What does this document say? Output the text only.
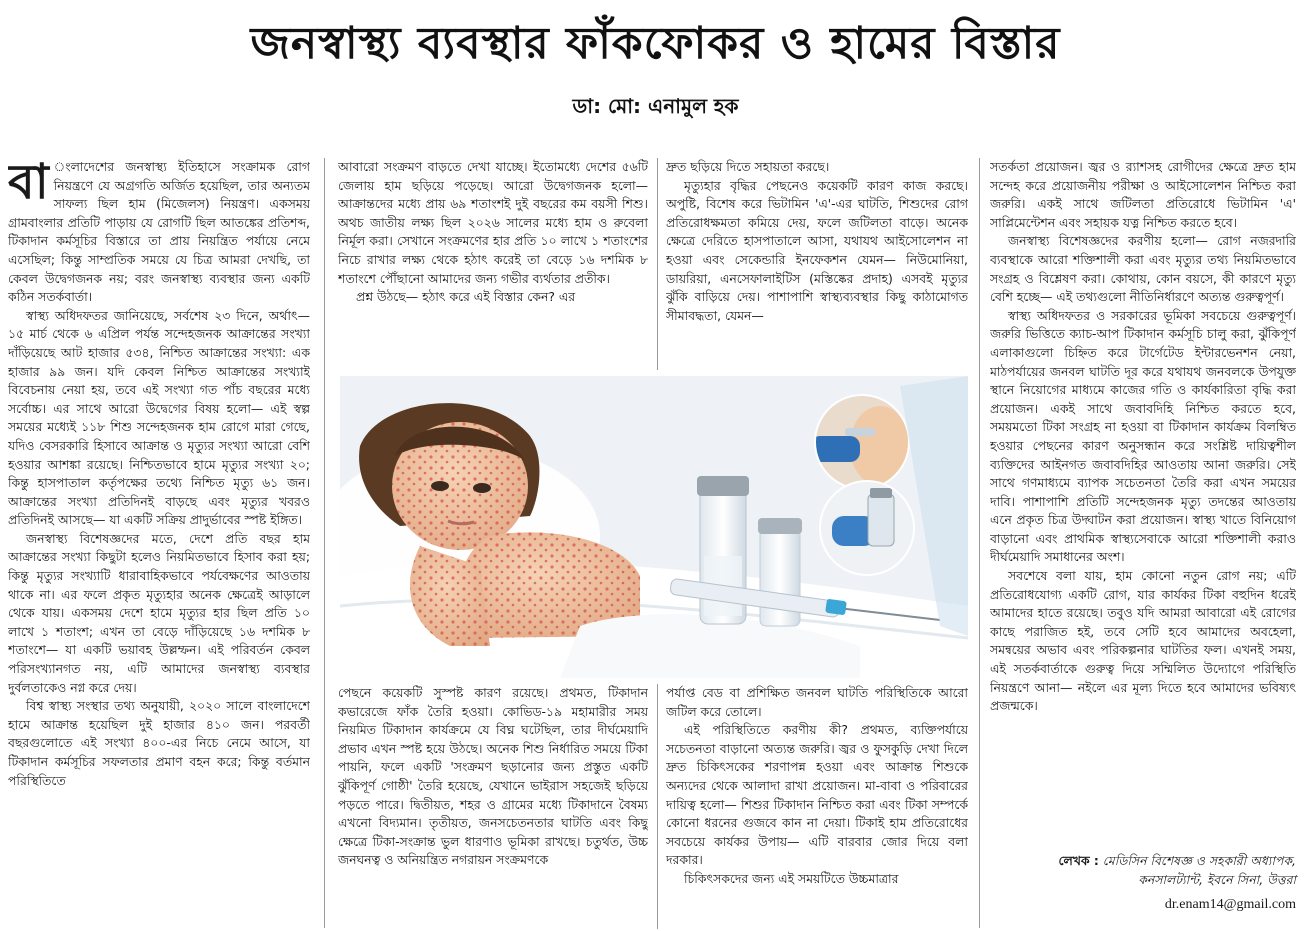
জনস্বাস্থ্য ব্যবস্থার ফাঁকফোকর ও হামের বিস্তার
ডা: মো: এনামুল হক

বা ংলাদেশের জনস্বাস্থ্য ইতিহাসে সংক্রামক রোগ নিয়ন্ত্রণে যে অগ্রগতি অর্জিত হয়েছিল, তার অন্যতম সাফল্য ছিল হাম (মিজেলস) নিয়ন্ত্রণ। একসময় গ্রামবাংলার প্রতিটি পাড়ায় যে রোগটি ছিল আতঙ্কের প্রতিশব্দ, টিকাদান কর্মসূচির বিস্তারে তা প্রায় নিয়ন্ত্রিত পর্যায়ে নেমে এসেছিল; কিন্তু সাম্প্রতিক সময়ে যে চিত্র আমরা দেখছি, তা কেবল উদ্বেগজনক নয়; বরং জনস্বাস্থ্য ব্যবস্থার জন্য একটি কঠিন সতর্কবার্তা।

স্বাস্থ্য অধিদফতর জানিয়েছে, সর্বশেষ ২৩ দিনে, অর্থাৎ— ১৫ মার্চ থেকে ৬ এপ্রিল পর্যন্ত সন্দেহজনক আক্রান্তের সংখ্যা দাঁড়িয়েছে আট হাজার ৫৩৪, নিশ্চিত আক্রান্তের সংখ্যা: এক হাজার ৯৯ জন। যদি কেবল নিশ্চিত আক্রান্তের সংখ্যাই বিবেচনায় নেয়া হয়, তবে এই সংখ্যা গত পাঁচ বছরের মধ্যে সর্বোচ্চ। এর সাথে আরো উদ্বেগের বিষয় হলো— এই স্বল্প সময়ের মধ্যেই ১১৮ শিশু সন্দেহজনক হাম রোগে মারা গেছে, যদিও বেসরকারি হিসাবে আক্রান্ত ও মৃত্যুর সংখ্যা আরো বেশি হওয়ার আশঙ্কা রয়েছে। নিশ্চিতভাবে হামে মৃত্যুর সংখ্যা ২০; কিন্তু হাসপাতাল কর্তৃপক্ষের তথ্যে নিশ্চিত মৃত্যু ৬১ জন। আক্রান্তের সংখ্যা প্রতিদিনই বাড়ছে এবং মৃত্যুর খবরও প্রতিদিনই আসছে— যা একটি সক্রিয় প্রাদুর্ভাবের স্পষ্ট ইঙ্গিত।

জনস্বাস্থ্য বিশেষজ্ঞদের মতে, দেশে প্রতি বছর হাম আক্রান্তের সংখ্যা কিছুটা হলেও নিয়মিতভাবে হিসাব করা হয়; কিন্তু মৃত্যুর সংখ্যাটি ধারাবাহিকভাবে পর্যবেক্ষণের আওতায় থাকে না। এর ফলে প্রকৃত মৃত্যুহার অনেক ক্ষেত্রেই আড়ালে থেকে যায়। একসময় দেশে হামে মৃত্যুর হার ছিল প্রতি ১০ লাখে ১ শতাংশ; এখন তা বেড়ে দাঁড়িয়েছে ১৬ দশমিক ৮ শতাংশে— যা একটি ভয়াবহ উল্লম্ফন। এই পরিবর্তন কেবল পরিসংখ্যানগত নয়, এটি আমাদের জনস্বাস্থ্য ব্যবস্থার দুর্বলতাকেও নগ্ন করে দেয়।

বিশ্ব স্বাস্থ্য সংস্থার তথ্য অনুযায়ী, ২০২০ সালে বাংলাদেশে হামে আক্রান্ত হয়েছিল দুই হাজার ৪১০ জন। পরবর্তী বছরগুলোতে এই সংখ্যা ৪০০-এর নিচে নেমে আসে, যা টিকাদান কর্মসূচির সফলতার প্রমাণ বহন করে; কিন্তু বর্তমান পরিস্থিতিতে

আবারো সংক্রমণ বাড়তে দেখা যাচ্ছে। ইতোমধ্যে দেশের ৫৬টি জেলায় হাম ছড়িয়ে পড়েছে। আরো উদ্বেগজনক হলো— আক্রান্তদের মধ্যে প্রায় ৬৯ শতাংশই দুই বছরের কম বয়সী শিশু। অথচ জাতীয় লক্ষ্য ছিল ২০২৬ সালের মধ্যে হাম ও রুবেলা নির্মূল করা। সেখানে সংক্রমণের হার প্রতি ১০ লাখে ১ শতাংশের নিচে রাখার লক্ষ্য থেকে হঠাৎ করেই তা বেড়ে ১৬ দশমিক ৮ শতাংশে পৌঁছানো আমাদের জন্য গভীর ব্যর্থতার প্রতীক।

প্রশ্ন উঠছে— হঠাৎ করে এই বিস্তার কেন? এর

দ্রুত ছড়িয়ে দিতে সহায়তা করছে।

মৃত্যুহার বৃদ্ধির পেছনেও কয়েকটি কারণ কাজ করছে। অপুষ্টি, বিশেষ করে ভিটামিন 'এ'-এর ঘাটতি, শিশুদের রোগ প্রতিরোধক্ষমতা কমিয়ে দেয়, ফলে জটিলতা বাড়ে। অনেক ক্ষেত্রে দেরিতে হাসপাতালে আসা, যথাযথ আইসোলেশন না হওয়া এবং সেকেন্ডারি ইনফেকশন যেমন— নিউমোনিয়া, ডায়রিয়া, এনসেফালাইটিস (মস্তিষ্কের প্রদাহ) এসবই মৃত্যুর ঝুঁকি বাড়িয়ে দেয়। পাশাপাশি স্বাস্থ্যব্যবস্থার কিছু কাঠামোগত সীমাবদ্ধতা, যেমন—

পেছনে কয়েকটি সুস্পষ্ট কারণ রয়েছে। প্রথমত, টিকাদান কভারেজে ফাঁক তৈরি হওয়া। কোভিড-১৯ মহামারীর সময় নিয়মিত টিকাদান কার্যক্রমে যে বিঘ্ন ঘটেছিল, তার দীর্ঘমেয়াদি প্রভাব এখন স্পষ্ট হয়ে উঠছে। অনেক শিশু নির্ধারিত সময়ে টিকা পায়নি, ফলে একটি 'সংক্রমণ ছড়ানোর জন্য প্রস্তুত একটি ঝুঁকিপূর্ণ গোষ্ঠী' তৈরি হয়েছে, যেখানে ভাইরাস সহজেই ছড়িয়ে পড়তে পারে। দ্বিতীয়ত, শহর ও গ্রামের মধ্যে টিকাদানে বৈষম্য এখনো বিদ্যমান। তৃতীয়ত, জনসচেতনতার ঘাটতি এবং কিছু ক্ষেত্রে টিকা-সংক্রান্ত ভুল ধারণাও ভূমিকা রাখছে। চতুর্থত, উচ্চ জনঘনত্ব ও অনিয়ন্ত্রিত নগরায়ন সংক্রমণকে

পর্যাপ্ত বেড বা প্রশিক্ষিত জনবল ঘাটতি পরিস্থিতিকে আরো জটিল করে তোলে।

এই পরিস্থিতিতে করণীয় কী? প্রথমত, ব্যক্তিপর্যায়ে সচেতনতা বাড়ানো অত্যন্ত জরুরি। জ্বর ও ফুসকুড়ি দেখা দিলে দ্রুত চিকিৎসকের শরণাপন্ন হওয়া এবং আক্রান্ত শিশুকে অন্যদের থেকে আলাদা রাখা প্রয়োজন। মা-বাবা ও পরিবারের দায়িত্ব হলো— শিশুর টিকাদান নিশ্চিত করা এবং টিকা সম্পর্কে কোনো ধরনের গুজবে কান না দেয়া। টিকাই হাম প্রতিরোধের সবচেয়ে কার্যকর উপায়— এটি বারবার জোর দিয়ে বলা দরকার।

চিকিৎসকদের জন্য এই সময়টিতে উচ্চমাত্রার

সতর্কতা প্রয়োজন। জ্বর ও র‍্যাশসহ রোগীদের ক্ষেত্রে দ্রুত হাম সন্দেহ করে প্রয়োজনীয় পরীক্ষা ও আইসোলেশন নিশ্চিত করা জরুরি। একই সাথে জটিলতা প্রতিরোধে ভিটামিন 'এ' সাপ্লিমেন্টেশন এবং সহায়ক যত্ন নিশ্চিত করতে হবে।

জনস্বাস্থ্য বিশেষজ্ঞদের করণীয় হলো— রোগ নজরদারি ব্যবস্থাকে আরো শক্তিশালী করা এবং মৃত্যুর তথ্য নিয়মিতভাবে সংগ্রহ ও বিশ্লেষণ করা। কোথায়, কোন বয়সে, কী কারণে মৃত্যু বেশি হচ্ছে— এই তথ্যগুলো নীতিনির্ধারণে অত্যন্ত গুরুত্বপূর্ণ।

স্বাস্থ্য অধিদফতর ও সরকারের ভূমিকা সবচেয়ে গুরুত্বপূর্ণ। জরুরি ভিত্তিতে ক্যাচ-আপ টিকাদান কর্মসূচি চালু করা, ঝুঁকিপূর্ণ এলাকাগুলো চিহ্নিত করে টার্গেটেড ইন্টারভেনশন নেয়া, মাঠপর্যায়ের জনবল ঘাটতি দূর করে যথাযথ জনবলকে উপযুক্ত স্থানে নিয়োগের মাধ্যমে কাজের গতি ও কার্যকারিতা বৃদ্ধি করা প্রয়োজন। একই সাথে জবাবদিহি নিশ্চিত করতে হবে, সময়মতো টিকা সংগ্রহ না হওয়া বা টিকাদান কার্যক্রম বিলম্বিত হওয়ার পেছনের কারণ অনুসন্ধান করে সংশ্লিষ্ট দায়িত্বশীল ব্যক্তিদের আইনগত জবাবদিহির আওতায় আনা জরুরি। সেই সাথে গণমাধ্যমে ব্যাপক সচেতনতা তৈরি করা এখন সময়ের দাবি। পাশাপাশি প্রতিটি সন্দেহজনক মৃত্যু তদন্তের আওতায় এনে প্রকৃত চিত্র উদ্ঘাটন করা প্রয়োজন। স্বাস্থ্য খাতে বিনিয়োগ বাড়ানো এবং প্রাথমিক স্বাস্থ্যসেবাকে আরো শক্তিশালী করাও দীর্ঘমেয়াদি সমাধানের অংশ।

সবশেষে বলা যায়, হাম কোনো নতুন রোগ নয়; এটি প্রতিরোধযোগ্য একটি রোগ, যার কার্যকর টিকা বহুদিন ধরেই আমাদের হাতে রয়েছে। তবুও যদি আমরা আবারো এই রোগের কাছে পরাজিত হই, তবে সেটি হবে আমাদের অবহেলা, সমন্বয়ের অভাব এবং পরিকল্পনার ঘাটতির ফল। এখনই সময়, এই সতর্কবার্তাকে গুরুত্ব দিয়ে সম্মিলিত উদ্যোগে পরিস্থিতি নিয়ন্ত্রণে আনা— নইলে এর মূল্য দিতে হবে আমাদের ভবিষ্যৎ প্রজন্মকে।

লেখক : মেডিসিন বিশেষজ্ঞ ও সহকারী অধ্যাপক,
কনসালট্যান্ট, ইবনে সিনা, উত্তরা
dr.enam14@gmail.com
